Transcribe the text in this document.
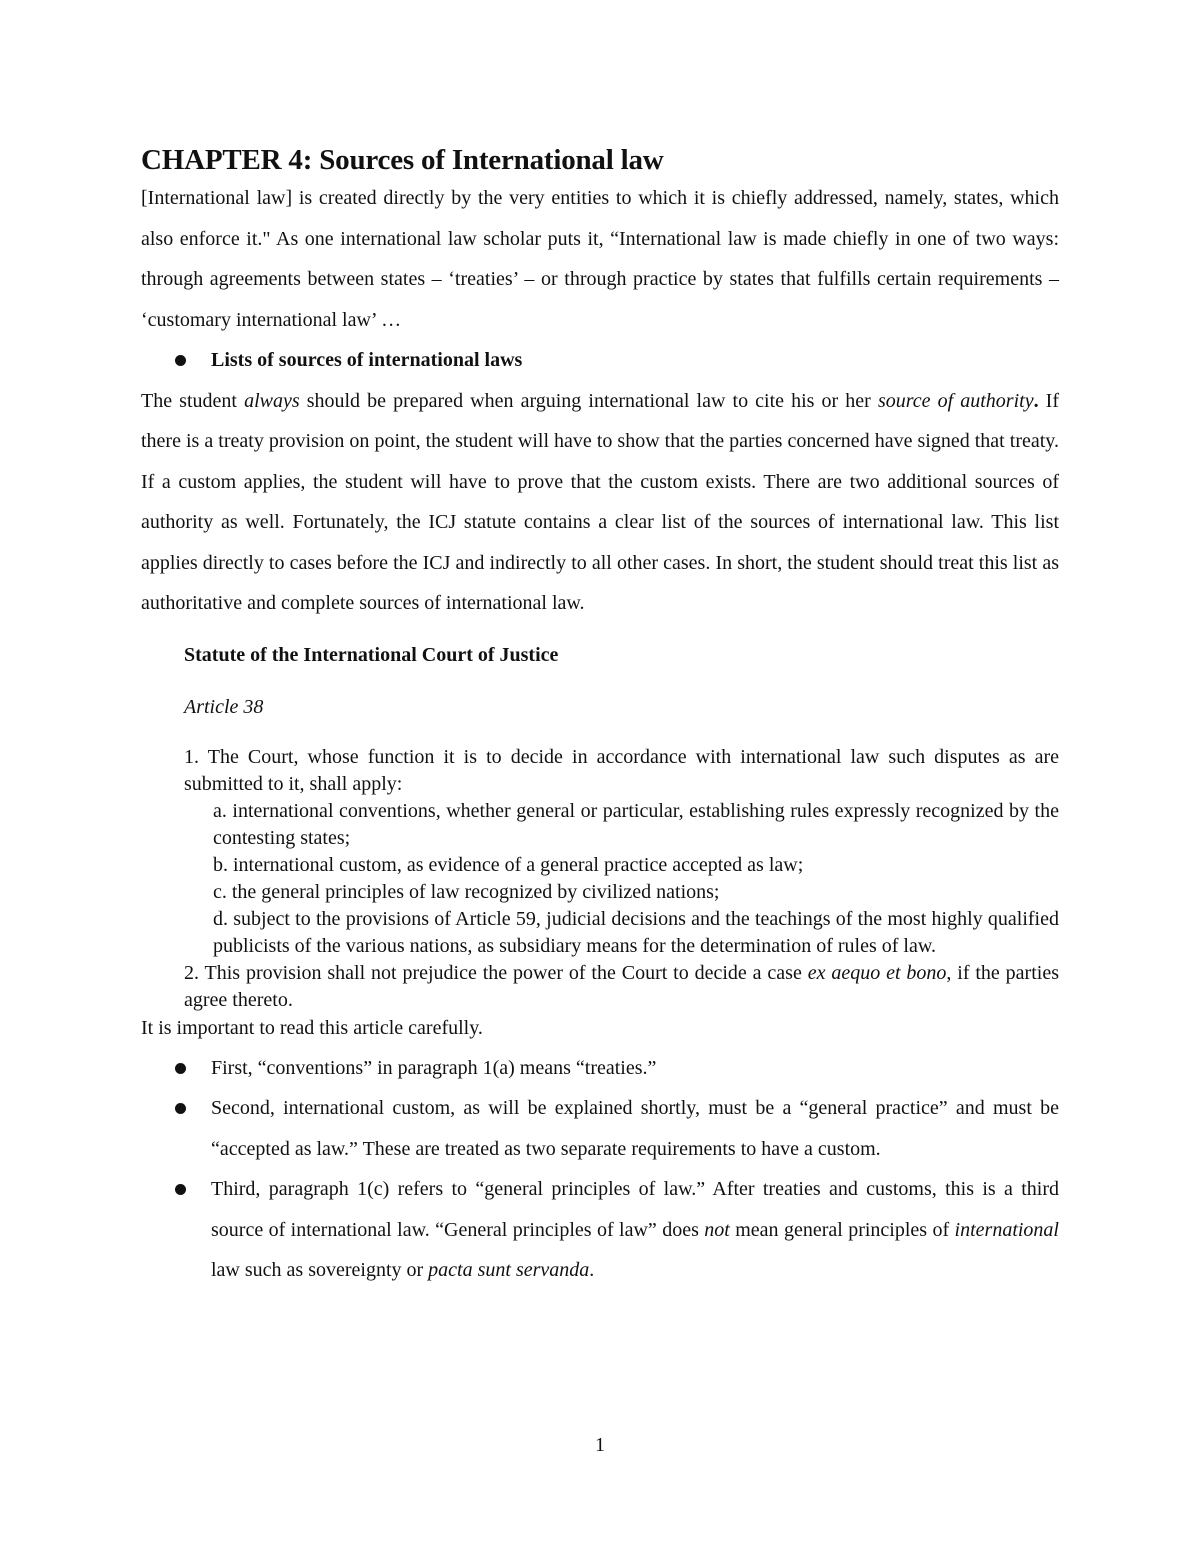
CHAPTER 4: Sources of International law

[International law] is created directly by the very entities to which it is chiefly addressed, namely, states, which also enforce it." As one international law scholar puts it, “International law is made chiefly in one of two ways: through agreements between states – ‘treaties’ – or through practice by states that fulfills certain requirements – ‘customary international law’ …

Lists of sources of international laws

The student always should be prepared when arguing international law to cite his or her source of authority. If there is a treaty provision on point, the student will have to show that the parties concerned have signed that treaty. If a custom applies, the student will have to prove that the custom exists. There are two additional sources of authority as well. Fortunately, the ICJ statute contains a clear list of the sources of international law. This list applies directly to cases before the ICJ and indirectly to all other cases. In short, the student should treat this list as authoritative and complete sources of international law.

Statute of the International Court of Justice

Article 38

1. The Court, whose function it is to decide in accordance with international law such disputes as are submitted to it, shall apply:

a. international conventions, whether general or particular, establishing rules expressly recognized by the contesting states;

b. international custom, as evidence of a general practice accepted as law;

c. the general principles of law recognized by civilized nations;

d. subject to the provisions of Article 59, judicial decisions and the teachings of the most highly qualified publicists of the various nations, as subsidiary means for the determination of rules of law.

2. This provision shall not prejudice the power of the Court to decide a case ex aequo et bono, if the parties agree thereto.

It is important to read this article carefully.

First, “conventions” in paragraph 1(a) means “treaties.”
Second, international custom, as will be explained shortly, must be a “general practice” and must be “accepted as law.” These are treated as two separate requirements to have a custom.
Third, paragraph 1(c) refers to “general principles of law.” After treaties and customs, this is a third source of international law. “General principles of law” does not mean general principles of international law such as sovereignty or pacta sunt servanda.
1
